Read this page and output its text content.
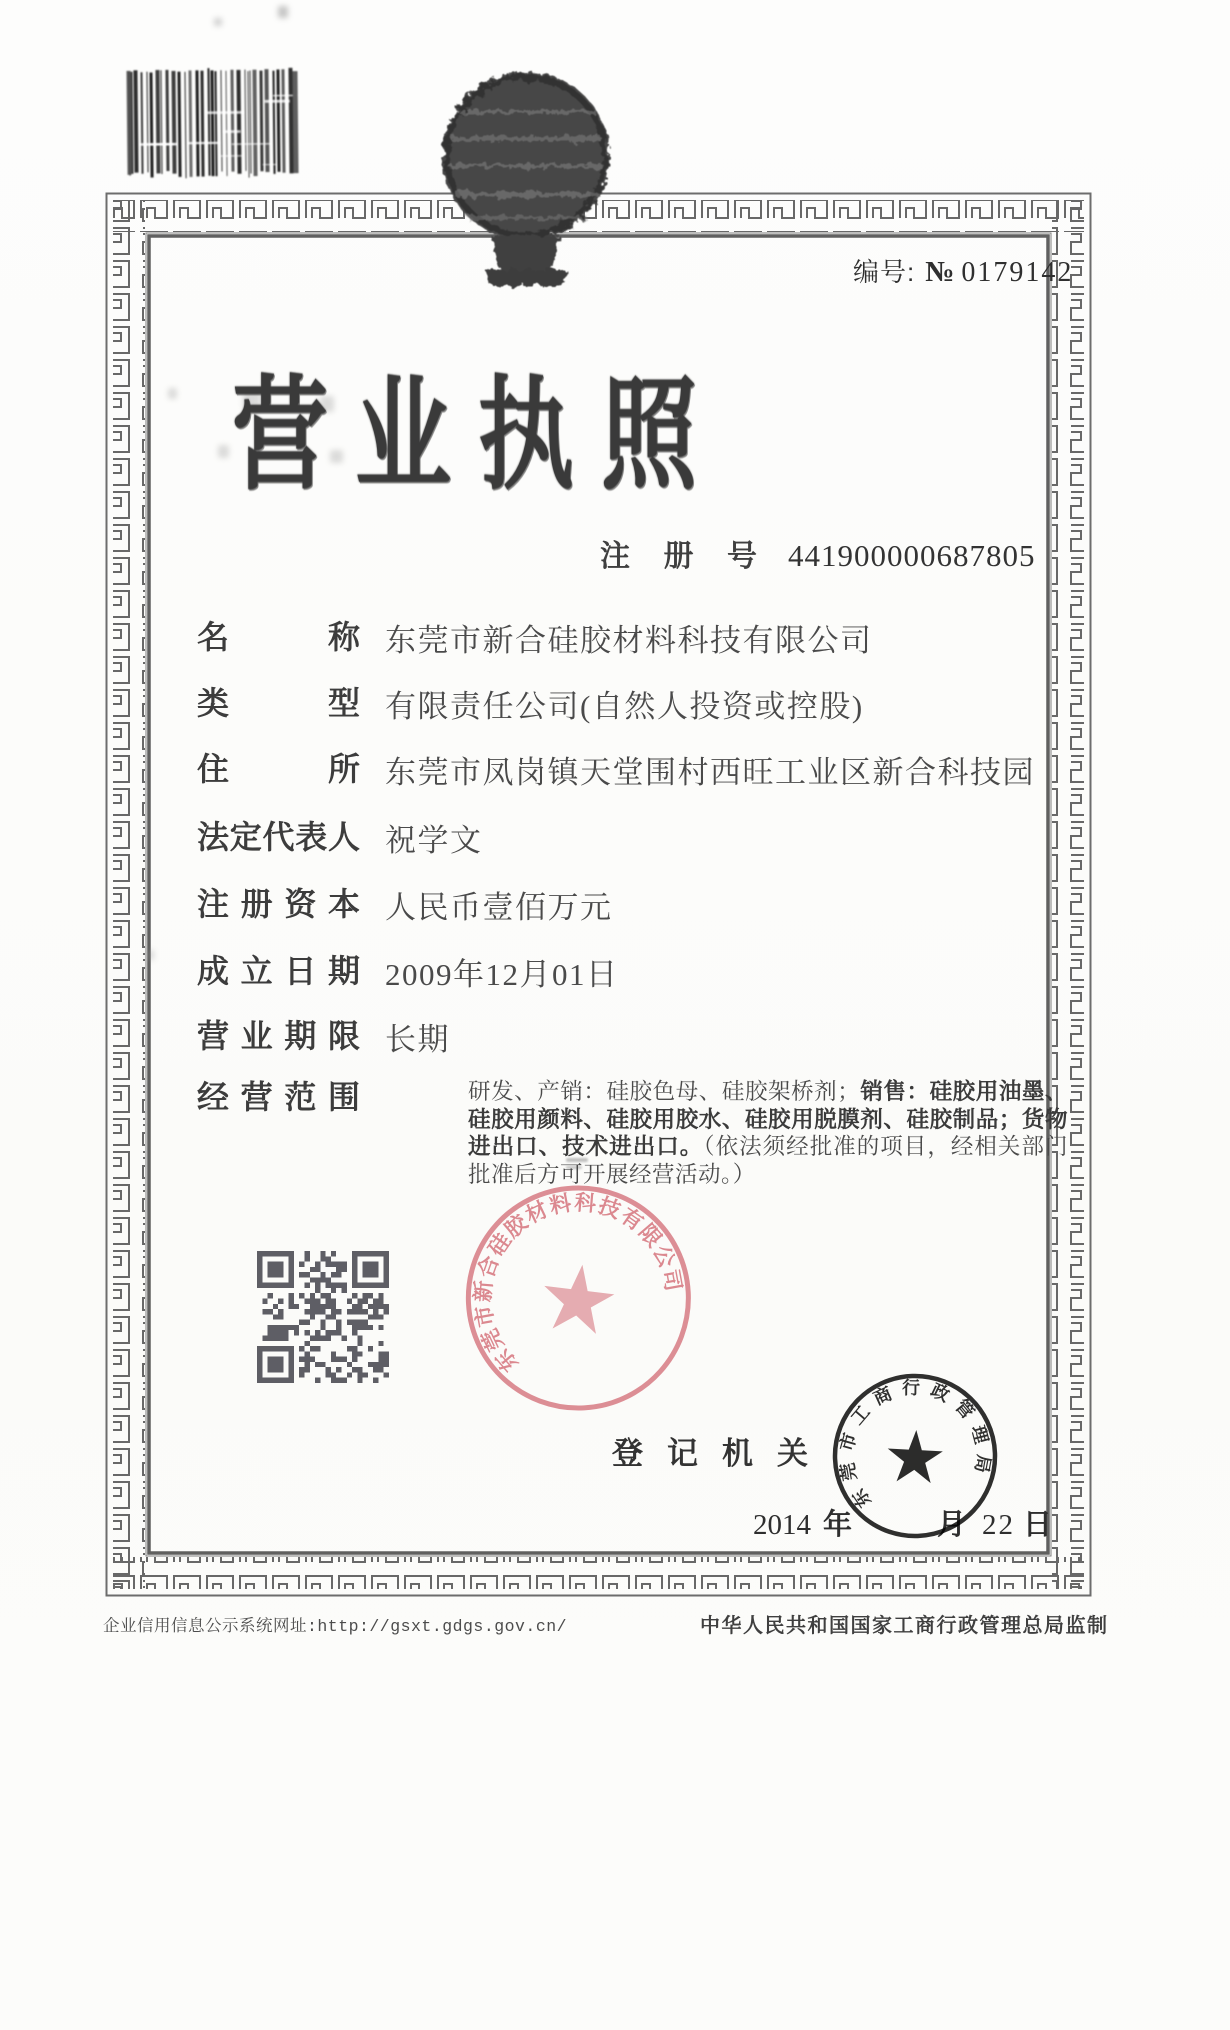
编号: № 0179142
营业执照
注 册 号 441900000687805
名称 东莞市新合硅胶材料科技有限公司
类型 有限责任公司(自然人投资或控股)
住所 东莞市凤岗镇天堂围村西旺工业区新合科技园
法定代表人 祝学文
注册资本 人民币壹佰万元
成立日期 2009年12月01日
营业期限 长期
经营范围	研发、产销：硅胶色母、硅胶架桥剂；销售：硅胶用油墨、硅胶用颜料、硅胶用胶水、硅胶用脱膜剂、硅胶制品；货物进出口、技术进出口。（依法须经批准的项目，经相关部门批准后方可开展经营活动。）
东莞市新合硅胶材料科技有限公司
★
登记机关
2014 年	月 22 日
东莞市工商行政管理局
★
企业信用信息公示系统网址:http://gsxt.gdgs.gov.cn/	中华人民共和国国家工商行政管理总局监制
